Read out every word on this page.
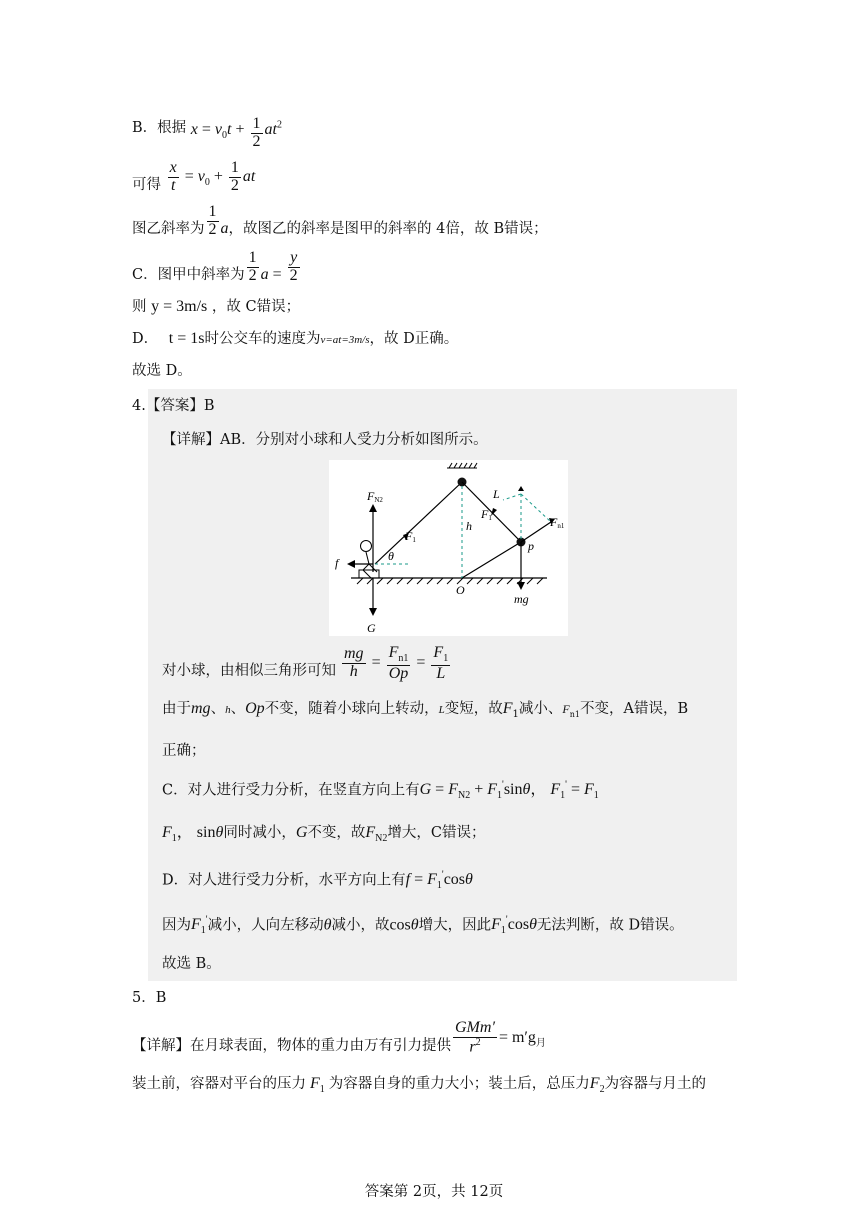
B．根据 $x = v_0t + \frac{1}{2} at^2$
可得 $\frac{x}{t} = v_0 + \frac{1}{2}$ at
图乙斜率为 $\frac{1}{2}$ a，故图乙的斜率是图甲的斜率的 4倍，故 B错误；
C．图甲中斜率为 $\frac{1}{2}$ $a = \frac{y}{2}$
则 y = 3m/s ，故 C错误；
D． t = 1s时公交车的速度为v=at=3m/s，故 D正确。
故选 D。
4.【答案】B
【详解】AB．分别对小球和人受力分析如图所示。
FN2
F1
θ
f
G
h
O
L
F1	Fn1
p
mg
对小球，由相似三角形可知 $\frac{mg}{h} = \frac{F_{n1}}{Op} = \frac{F_1}{L}$
由于mg、h、Op不变，随着小球向上转动，L变短，故$F_1$减小、$F_{n1}$不变，A错误，B
正确；
C．对人进行受力分析，在竖直方向上有$G = F_{N2} + F_1'\sin\theta$， $F_1' = F_1$
$F_1$， sinθ同时减小，G不变，故$F_{N2}$增大，C错误；
D．对人进行受力分析，水平方向上有$f = F_1'\cos\theta$
因为$F_1'$减小，人向左移动θ减小，故cosθ增大，因此$F_1'\cos\theta$无法判断，故 D错误。
故选 B。
5．B
【详解】在月球表面，物体的重力由万有引力提供 $\frac{\text{GMm′}}{r^2} = m'g_月$
装土前，容器对平台的压力 $F_1$ 为容器自身的重力大小；装土后，总压力$F_2$为容器与月土的
答案第 2页，共 12页
